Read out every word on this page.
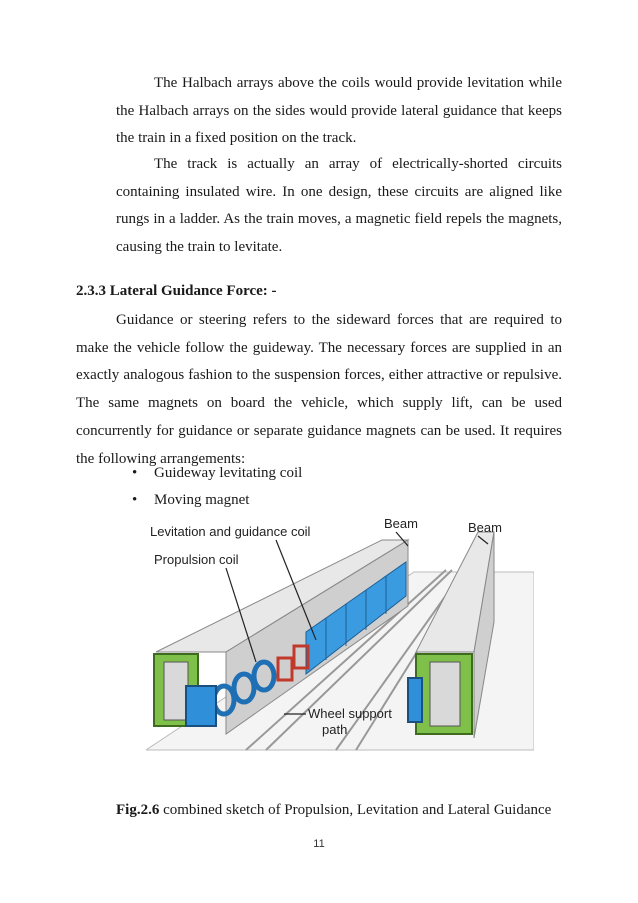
The Halbach arrays above the coils would provide levitation while the Halbach arrays on the sides would provide lateral guidance that keeps the train in a fixed position on the track.

The track is actually an array of electrically-shorted circuits containing insulated wire. In one design, these circuits are aligned like rungs in a ladder. As the train moves, a magnetic field repels the magnets, causing the train to levitate.

2.3.3 Lateral Guidance Force: -

Guidance or steering refers to the sideward forces that are required to make the vehicle follow the guideway. The necessary forces are supplied in an exactly analogous fashion to the suspension forces, either attractive or repulsive. The same magnets on board the vehicle, which supply lift, can be used concurrently for guidance or separate guidance magnets can be used. It requires the following arrangements:

• Guideway levitating coil
• Moving magnet
Levitation and guidance coil
Propulsion coil
Beam	Beam
Wheel support
path

Fig.2.6 combined sketch of Propulsion, Levitation and Lateral Guidance

11
